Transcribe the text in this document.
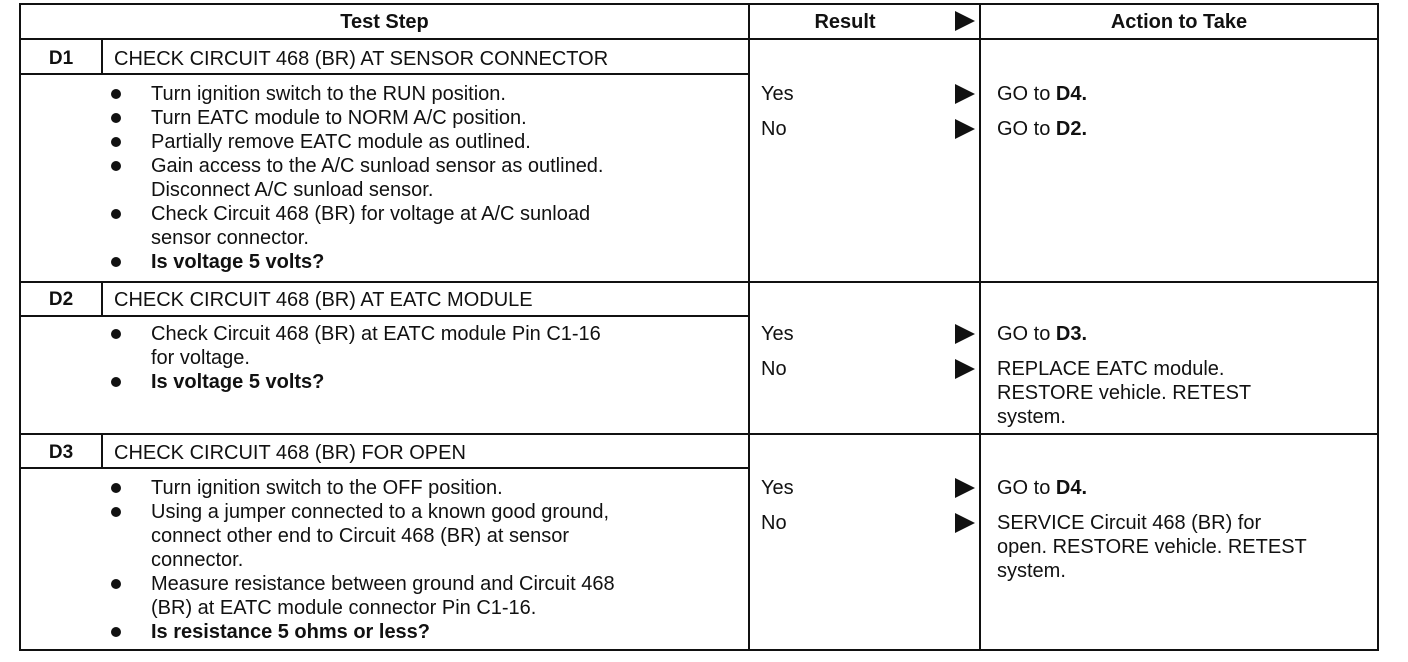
Test Step	Result	Action to Take
D1	CHECK CIRCUIT 468 (BR) AT SENSOR CONNECTOR
Turn ignition switch to the RUN position.
Turn EATC module to NORM A/C position.
Partially remove EATC module as outlined.
Gain access to the A/C sunload sensor as outlined.
Disconnect A/C sunload sensor.
Check Circuit 468 (BR) for voltage at A/C sunload
sensor connector.
Is voltage 5 volts?
Yes	GO to D4.
No	GO to D2.
D2	CHECK CIRCUIT 468 (BR) AT EATC MODULE
Check Circuit 468 (BR) at EATC module Pin C1-16
for voltage.
Is voltage 5 volts?
Yes	GO to D3.
No	REPLACE EATC module.
RESTORE vehicle. RETEST
system.
D3	CHECK CIRCUIT 468 (BR) FOR OPEN
Turn ignition switch to the OFF position.
Using a jumper connected to a known good ground,
connect other end to Circuit 468 (BR) at sensor
connector.
Measure resistance between ground and Circuit 468
(BR) at EATC module connector Pin C1-16.
Is resistance 5 ohms or less?
Yes	GO to D4.
No	SERVICE Circuit 468 (BR) for
open. RESTORE vehicle. RETEST
system.
